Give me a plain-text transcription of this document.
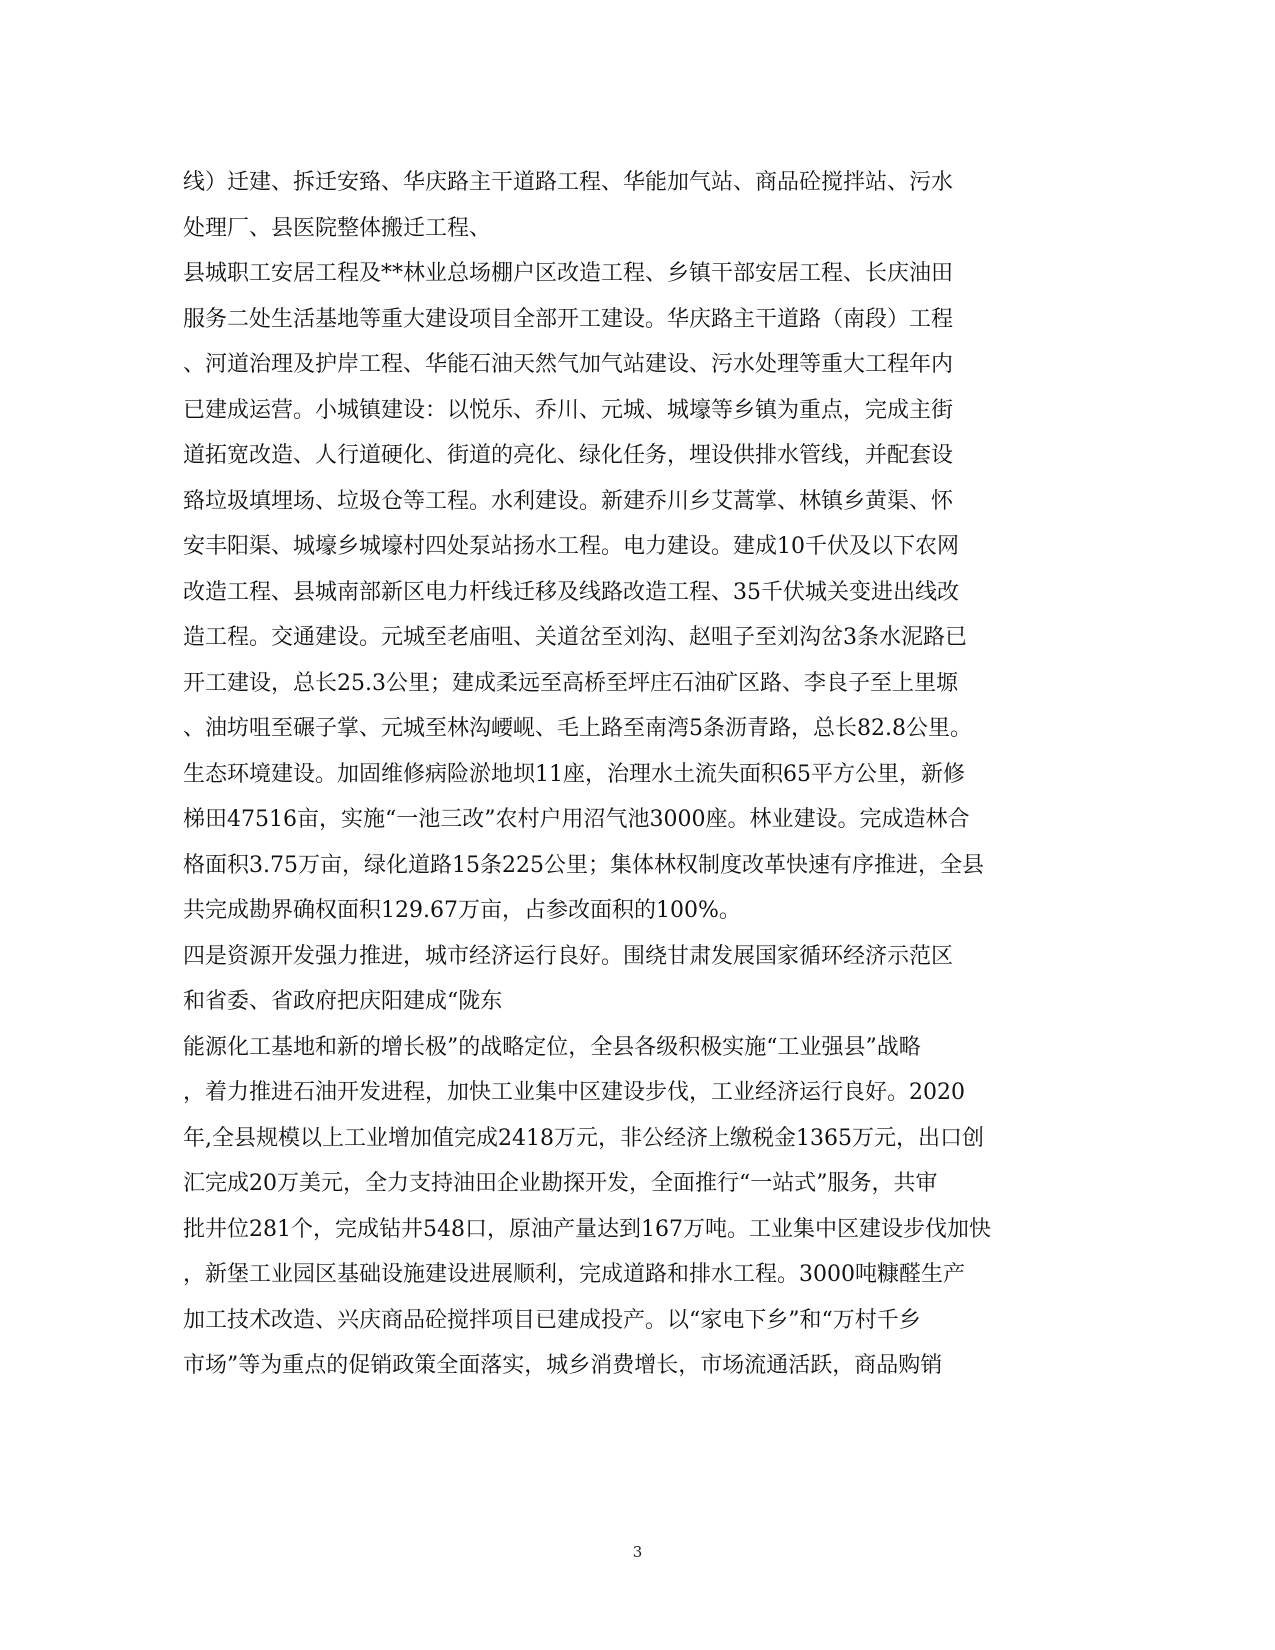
线）迁建、拆迁安臵、华庆路主干道路工程、华能加气站、商品砼搅拌站、污水
处理厂、县医院整体搬迁工程、
县城职工安居工程及**林业总场棚户区改造工程、乡镇干部安居工程、长庆油田
服务二处生活基地等重大建设项目全部开工建设。华庆路主干道路（南段）工程
、河道治理及护岸工程、华能石油天然气加气站建设、污水处理等重大工程年内
已建成运营。小城镇建设：以悦乐、乔川、元城、城壕等乡镇为重点，完成主街
道拓宽改造、人行道硬化、街道的亮化、绿化任务，埋设供排水管线，并配套设
臵垃圾填埋场、垃圾仓等工程。水利建设。新建乔川乡艾蒿掌、林镇乡黄渠、怀
安丰阳渠、城壕乡城壕村四处泵站扬水工程。电力建设。建成10千伏及以下农网
改造工程、县城南部新区电力杆线迁移及线路改造工程、35千伏城关变进出线改
造工程。交通建设。元城至老庙咀、关道岔至刘沟、赵咀子至刘沟岔3条水泥路已
开工建设，总长25.3公里；建成柔远至高桥至坪庄石油矿区路、李良子至上里塬
、油坊咀至碾子掌、元城至林沟崾岘、毛上路至南湾5条沥青路，总长82.8公里。
生态环境建设。加固维修病险淤地坝11座，治理水土流失面积65平方公里，新修
梯田47516亩，实施“一池三改”农村户用沼气池3000座。林业建设。完成造林合
格面积3.75万亩，绿化道路15条225公里；集体林权制度改革快速有序推进，全县
共完成勘界确权面积129.67万亩，占参改面积的100%。
四是资源开发强力推进，城市经济运行良好。围绕甘肃发展国家循环经济示范区
和省委、省政府把庆阳建成“陇东
能源化工基地和新的增长极”的战略定位，全县各级积极实施“工业强县”战略
，着力推进石油开发进程，加快工业集中区建设步伐，工业经济运行良好。2020
年,全县规模以上工业增加值完成2418万元，非公经济上缴税金1365万元，出口创
汇完成20万美元，全力支持油田企业勘探开发，全面推行“一站式”服务，共审
批井位281个，完成钻井548口，原油产量达到167万吨。工业集中区建设步伐加快
，新堡工业园区基础设施建设进展顺利，完成道路和排水工程。3000吨糠醛生产
加工技术改造、兴庆商品砼搅拌项目已建成投产。以“家电下乡”和“万村千乡
市场”等为重点的促销政策全面落实，城乡消费增长，市场流通活跃，商品购销
3
